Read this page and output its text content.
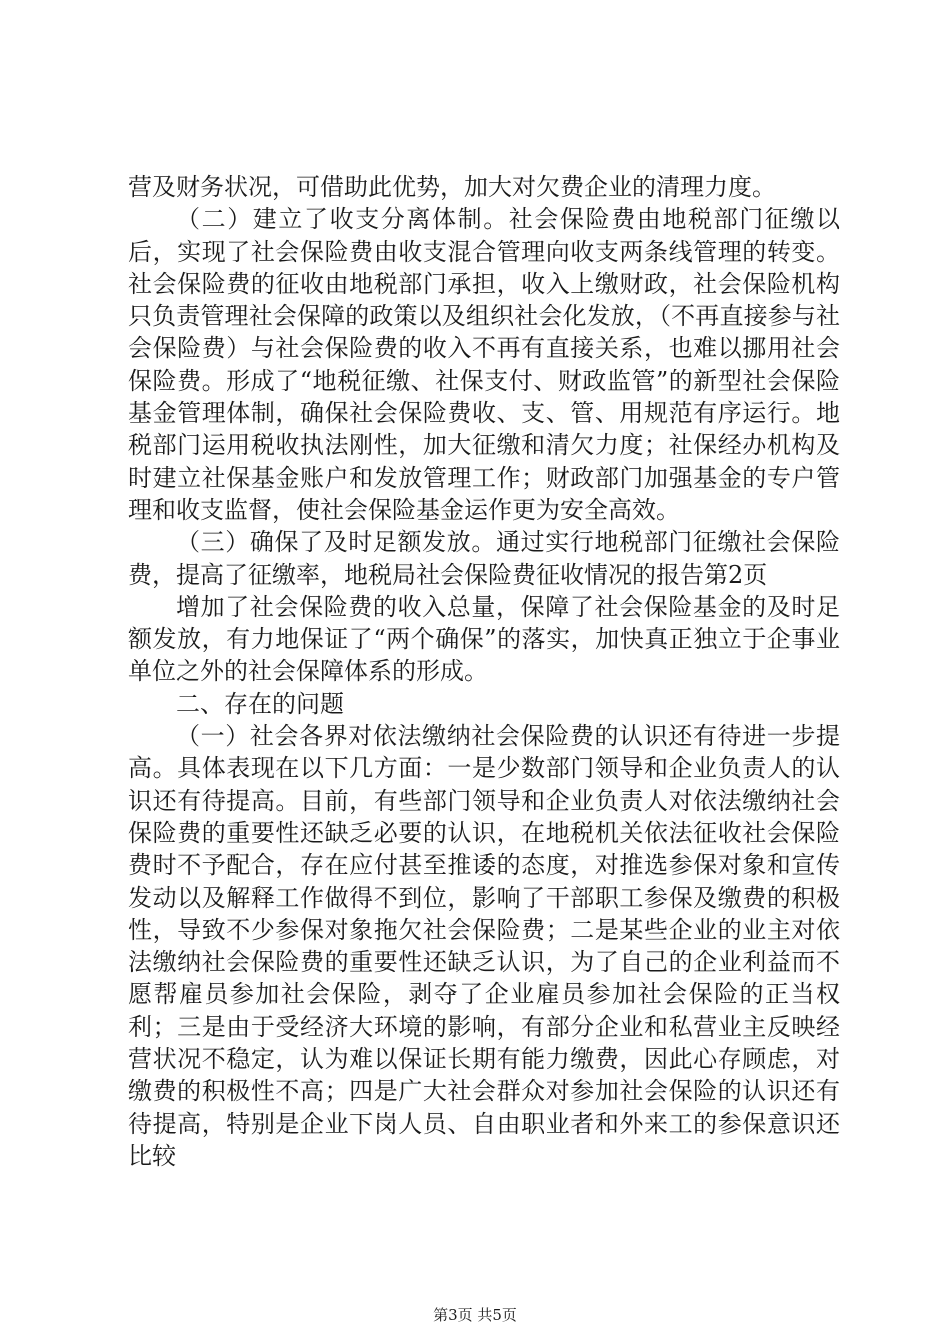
营及财务状况，可借助此优势，加大对欠费企业的清理力度。

（二）建立了收支分离体制。社会保险费由地税部门征缴以后，实现了社会保险费由收支混合管理向收支两条线管理的转变。社会保险费的征收由地税部门承担，收入上缴财政，社会保险机构只负责管理社会保障的政策以及组织社会化发放，（不再直接参与社会保险费）与社会保险费的收入不再有直接关系，也难以挪用社会保险费。形成了“地税征缴、社保支付、财政监管”的新型社会保险基金管理体制，确保社会保险费收、支、管、用规范有序运行。地税部门运用税收执法刚性，加大征缴和清欠力度；社保经办机构及时建立社保基金账户和发放管理工作；财政部门加强基金的专户管理和收支监督，使社会保险基金运作更为安全高效。

（三）确保了及时足额发放。通过实行地税部门征缴社会保险费，提高了征缴率，地税局社会保险费征收情况的报告第2页

增加了社会保险费的收入总量，保障了社会保险基金的及时足额发放，有力地保证了“两个确保”的落实，加快真正独立于企事业单位之外的社会保障体系的形成。

二、存在的问题

（一）社会各界对依法缴纳社会保险费的认识还有待进一步提高。具体表现在以下几方面：一是少数部门领导和企业负责人的认识还有待提高。目前，有些部门领导和企业负责人对依法缴纳社会保险费的重要性还缺乏必要的认识，在地税机关依法征收社会保险费时不予配合，存在应付甚至推诿的态度，对推选参保对象和宣传发动以及解释工作做得不到位，影响了干部职工参保及缴费的积极性，导致不少参保对象拖欠社会保险费；二是某些企业的业主对依法缴纳社会保险费的重要性还缺乏认识，为了自己的企业利益而不愿帮雇员参加社会保险，剥夺了企业雇员参加社会保险的正当权利；三是由于受经济大环境的影响，有部分企业和私营业主反映经营状况不稳定，认为难以保证长期有能力缴费，因此心存顾虑，对缴费的积极性不高；四是广大社会群众对参加社会保险的认识还有待提高，特别是企业下岗人员、自由职业者和外来工的参保意识还比较

第3页 共5页
